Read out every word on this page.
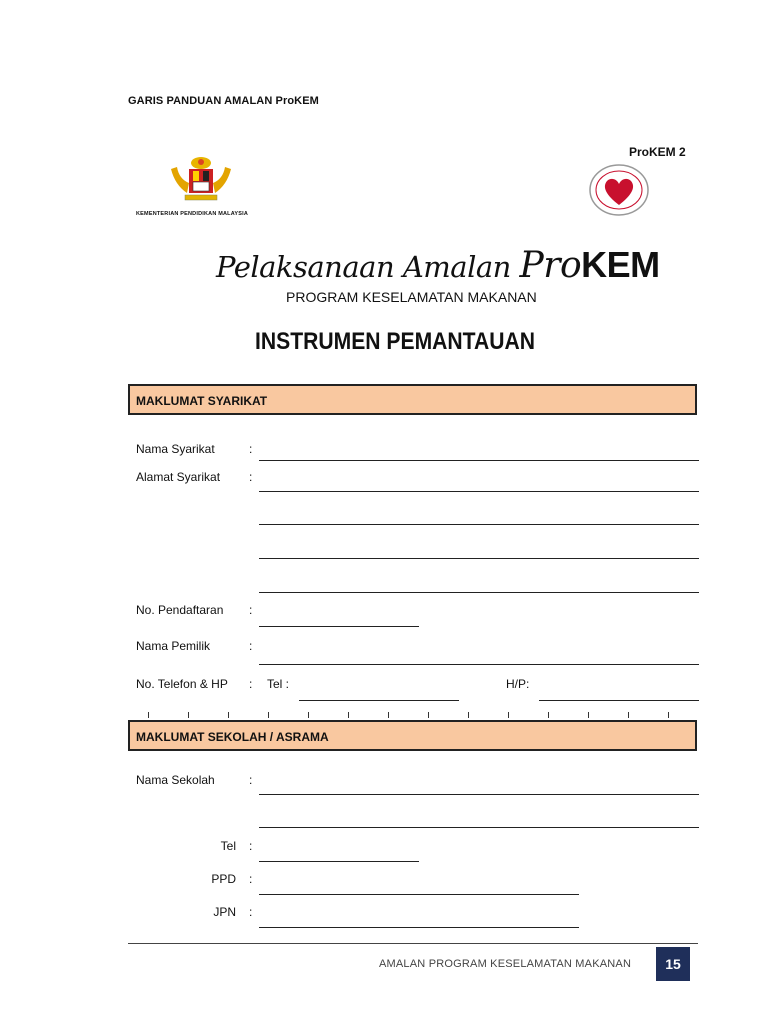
GARIS PANDUAN AMALAN ProKEM
KEMENTERIAN PENDIDIKAN MALAYSIA
ProKEM 2
Pelaksanaan Amalan ProKEM
PROGRAM KESELAMATAN MAKANAN
INSTRUMEN PEMANTAUAN
MAKLUMAT SYARIKAT
Nama Syarikat	:
Alamat Syarikat :
No. Pendaftaran :
Nama Pemilik	:
No. Telefon & HP : Tel :	H/P:
MAKLUMAT SEKOLAH / ASRAMA
Nama Sekolah	:
Tel :
PPD :
JPN :
AMALAN PROGRAM KESELAMATAN MAKANAN	15
